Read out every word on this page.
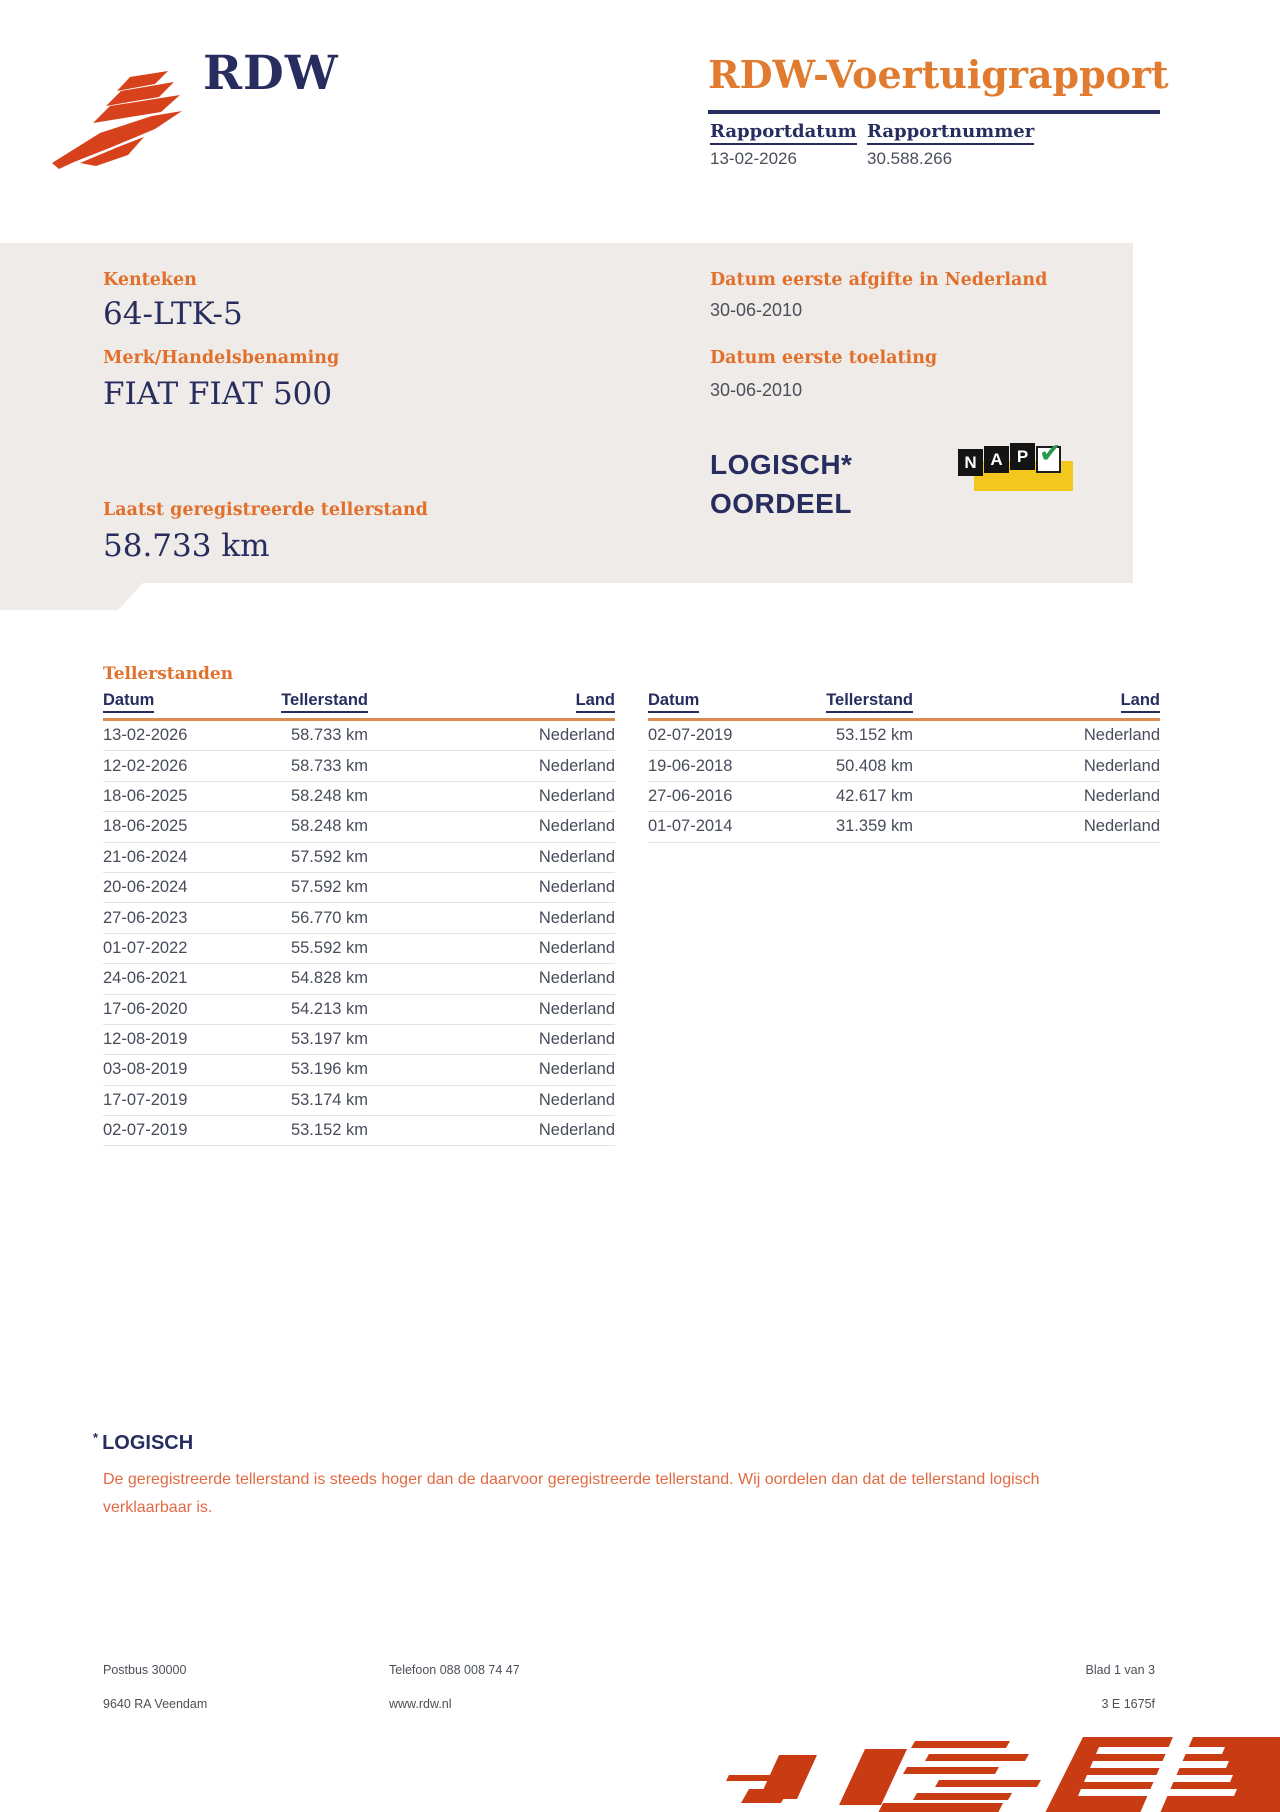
RDW	RDW-Voertuigrapport
Rapportdatum Rapportnummer
13-02-2026	30.588.266
Kenteken
64-LTK-5
Merk/Handelsbenaming
FIAT FIAT 500
Laatst geregistreerde tellerstand
58.733 km
Datum eerste afgifte in Nederland
30-06-2010
Datum eerste toelating
30-06-2010
LOGISCH*
OORDEEL
N A P ✔
Tellerstanden
Datum	Tellerstand	Land
13-02-2026	58.733 km	Nederland
12-02-2026	58.733 km	Nederland
18-06-2025	58.248 km	Nederland
18-06-2025	58.248 km	Nederland
21-06-2024	57.592 km	Nederland
20-06-2024	57.592 km	Nederland
27-06-2023	56.770 km	Nederland
01-07-2022	55.592 km	Nederland
24-06-2021	54.828 km	Nederland
17-06-2020	54.213 km	Nederland
12-08-2019	53.197 km	Nederland
03-08-2019	53.196 km	Nederland
17-07-2019	53.174 km	Nederland
02-07-2019	53.152 km	Nederland
Datum	Tellerstand	Land
02-07-2019	53.152 km	Nederland
19-06-2018	50.408 km	Nederland
27-06-2016	42.617 km	Nederland
01-07-2014	31.359 km	Nederland
* LOGISCH
De geregistreerde tellerstand is steeds hoger dan de daarvoor geregistreerde tellerstand. Wij oordelen dan dat de tellerstand logisch verklaarbaar is.
Postbus 30000	Telefoon 088 008 74 47
9640 RA Veendam	www.rdw.nl
Blad 1 van 3
3 E 1675f
